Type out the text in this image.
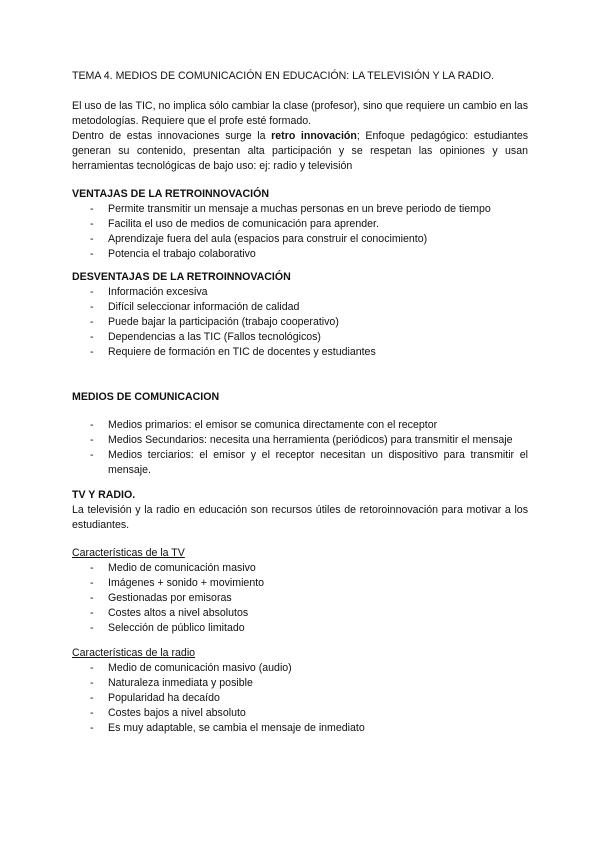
TEMA 4. MEDIOS DE COMUNICACIÓN EN EDUCACIÓN: LA TELEVISIÓN Y LA RADIO.

El uso de las TIC, no implica sólo cambiar la clase (profesor), sino que requiere un cambio en las metodologías. Requiere que el profe esté formado.

Dentro de estas innovaciones surge la retro innovación; Enfoque pedagógico: estudiantes generan su contenido, presentan alta participación y se respetan las opiniones y usan herramientas tecnológicas de bajo uso: ej: radio y televisión

VENTAJAS DE LA RETROINNOVACIÓN
- Permite transmitir un mensaje a muchas personas en un breve periodo de tiempo
- Facilita el uso de medios de comunicación para aprender.
- Aprendizaje fuera del aula (espacios para construir el conocimiento)
- Potencia el trabajo colaborativo
DESVENTAJAS DE LA RETROINNOVACIÓN
- Información excesiva
- Difícil seleccionar información de calidad
- Puede bajar la participación (trabajo cooperativo)
- Dependencias a las TIC (Fallos tecnológicos)
- Requiere de formación en TIC de docentes y estudiantes
MEDIOS DE COMUNICACION
- Medios primarios: el emisor se comunica directamente con el receptor
- Medios Secundarios: necesita una herramienta (periódicos) para transmitir el mensaje
- Medios terciarios: el emisor y el receptor necesitan un dispositivo para transmitir el mensaje.
TV Y RADIO.

La televisión y la radio en educación son recursos útiles de retoroinnovación para motivar a los estudiantes.

Características de la TV

- Medio de comunicación masivo
- Imágenes + sonido + movimiento
- Gestionadas por emisoras
- Costes altos a nivel absolutos
- Selección de público limitado

Características de la radio

- Medio de comunicación masivo (audio)
- Naturaleza inmediata y posible
- Popularidad ha decaído
- Costes bajos a nivel absoluto
- Es muy adaptable, se cambia el mensaje de inmediato
